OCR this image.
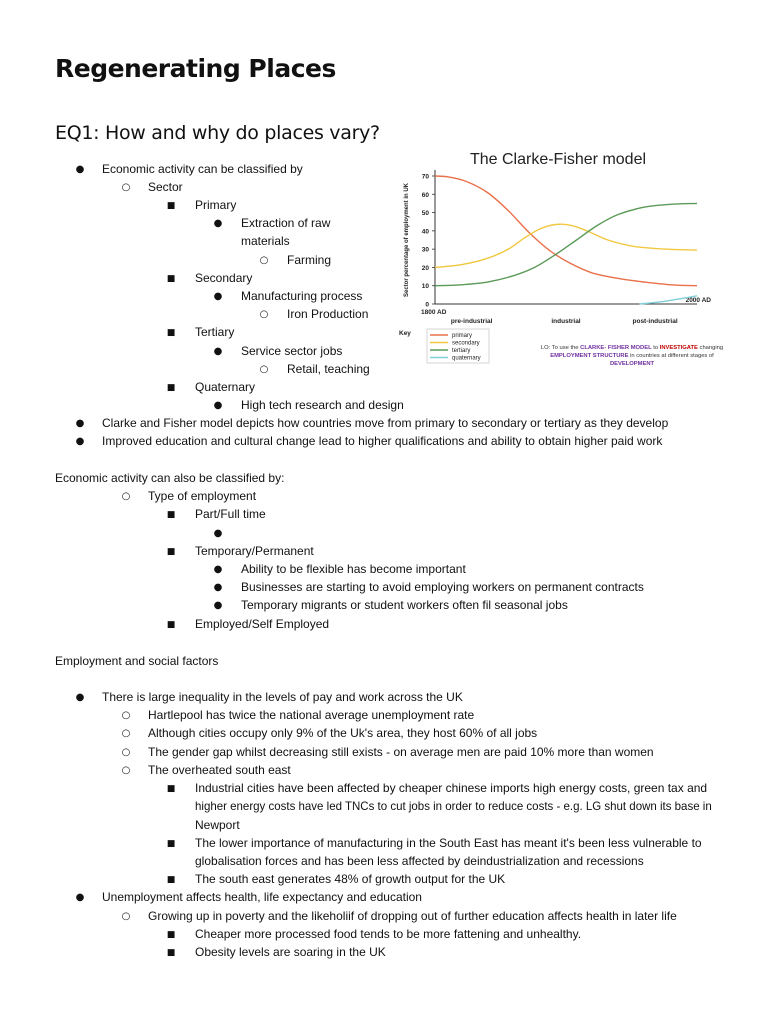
Regenerating Places
EQ1: How and why do places vary?
● Economic activity can be classified by
○ Sector
■ Primary
● Extraction of raw
materials
○ Farming
■ Secondary
● Manufacturing process
○ Iron Production
■ Tertiary
● Service sector jobs
○ Retail, teaching
■ Quaternary
● High tech research and design
● Clarke and Fisher model depicts how countries move from primary to secondary or tertiary as they develop
● Improved education and cultural change lead to higher qualifications and ability to obtain higher paid work
Economic activity can also be classified by:
○ Type of employment
■ Part/Full time
●
■ Temporary/Permanent
● Ability to be flexible has become important
● Businesses are starting to avoid employing workers on permanent contracts
● Temporary migrants or student workers often fil seasonal jobs
■ Employed/Self Employed
Employment and social factors
● There is large inequality in the levels of pay and work across the UK
○ Hartlepool has twice the national average unemployment rate
○ Although cities occupy only 9% of the Uk's area, they host 60% of all jobs
○ The gender gap whilst decreasing still exists - on average men are paid 10% more than women
○ The overheated south east
■ Industrial cities have been affected by cheaper chinese imports high energy costs, green tax and
higher energy costs have led TNCs to cut jobs in order to reduce costs - e.g. LG shut down its base in
Newport
■ The lower importance of manufacturing in the South East has meant it's been less vulnerable to
globalisation forces and has been less affected by deindustrialization and recessions
■ The south east generates 48% of growth output for the UK
● Unemployment affects health, life expectancy and education
○ Growing up in poverty and the likeholiif of dropping out of further education affects health in later life
■ Cheaper more processed food tends to be more fattening and unhealthy.
■ Obesity levels are soaring in the UK
The Clarke-Fisher model
0
10
20
30
40
50
60
70
Sector percentage of employment in UK
1800 AD
2000 AD
pre-industrial	industrial	post-industrial
Key	primary
secondary
tertiary
quaternary
LO: To use the CLARKE- FISHER MODEL to INVESTIGATE changing
EMPLOYMENT STRUCTURE in countries at different stages of
DEVELOPMENT
